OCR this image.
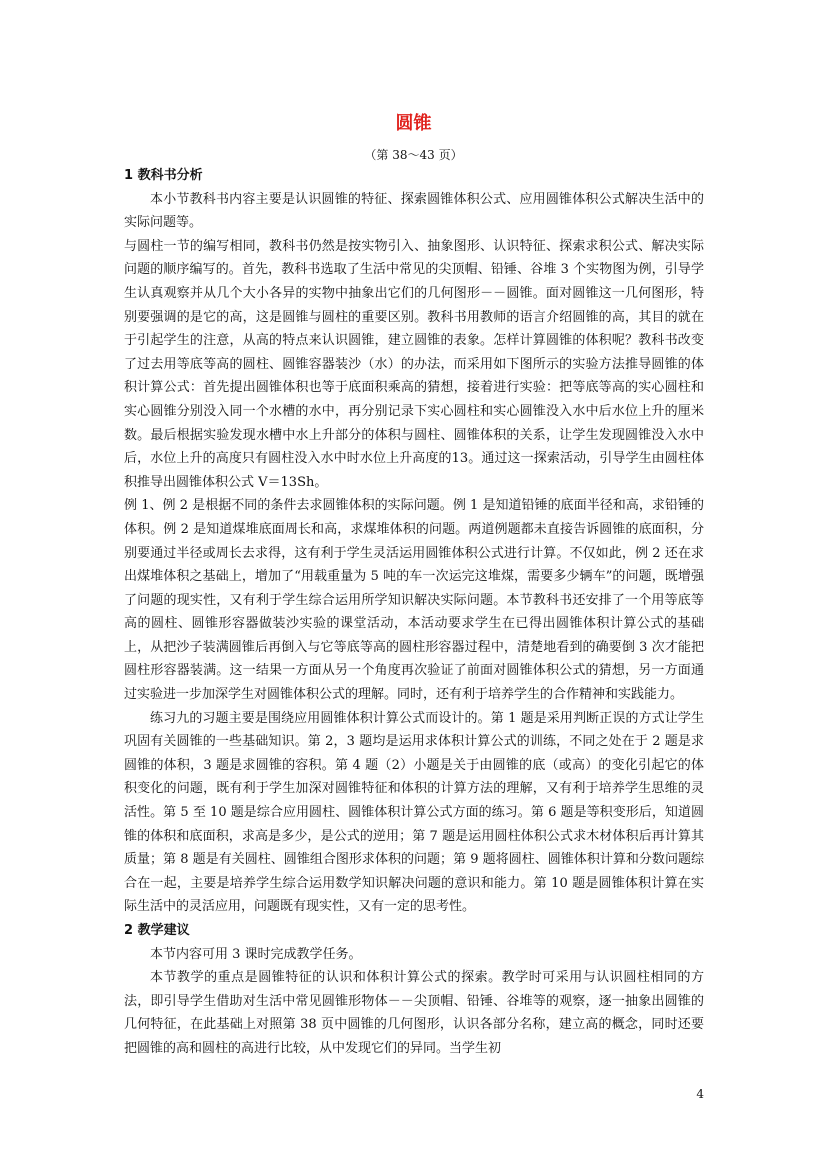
圆锥
（第 38～43 页）

1 教科书分析

本小节教科书内容主要是认识圆锥的特征、探索圆锥体积公式、应用圆锥体积公式解决生活中的实际问题等。

与圆柱一节的编写相同，教科书仍然是按实物引入、抽象图形、认识特征、探索求积公式、解决实际问题的顺序编写的。首先，教科书选取了生活中常见的尖顶帽、铅锤、谷堆 3 个实物图为例，引导学生认真观察并从几个大小各异的实物中抽象出它们的几何图形－－圆锥。面对圆锥这一几何图形，特别要强调的是它的高，这是圆锥与圆柱的重要区别。教科书用教师的语言介绍圆锥的高，其目的就在于引起学生的注意，从高的特点来认识圆锥，建立圆锥的表象。怎样计算圆锥的体积呢？教科书改变了过去用等底等高的圆柱、圆锥容器装沙（水）的办法，而采用如下图所示的实验方法推导圆锥的体积计算公式：首先提出圆锥体积也等于底面积乘高的猜想，接着进行实验：把等底等高的实心圆柱和实心圆锥分别没入同一个水槽的水中，再分别记录下实心圆柱和实心圆锥没入水中后水位上升的厘米数。最后根据实验发现水槽中水上升部分的体积与圆柱、圆锥体积的关系，让学生发现圆锥没入水中后，水位上升的高度只有圆柱没入水中时水位上升高度的13。通过这一探索活动，引导学生由圆柱体积推导出圆锥体积公式 V＝13Sh。

例 1、例 2 是根据不同的条件去求圆锥体积的实际问题。例 1 是知道铅锤的底面半径和高，求铅锤的体积。例 2 是知道煤堆底面周长和高，求煤堆体积的问题。两道例题都未直接告诉圆锥的底面积，分别要通过半径或周长去求得，这有利于学生灵活运用圆锥体积公式进行计算。不仅如此，例 2 还在求出煤堆体积之基础上，增加了“用载重量为 5 吨的车一次运完这堆煤，需要多少辆车”的问题，既增强了问题的现实性，又有利于学生综合运用所学知识解决实际问题。本节教科书还安排了一个用等底等高的圆柱、圆锥形容器做装沙实验的课堂活动，本活动要求学生在已得出圆锥体积计算公式的基础上，从把沙子装满圆锥后再倒入与它等底等高的圆柱形容器过程中，清楚地看到的确要倒 3 次才能把圆柱形容器装满。这一结果一方面从另一个角度再次验证了前面对圆锥体积公式的猜想，另一方面通过实验进一步加深学生对圆锥体积公式的理解。同时，还有利于培养学生的合作精神和实践能力。

练习九的习题主要是围绕应用圆锥体积计算公式而设计的。第 1 题是采用判断正误的方式让学生巩固有关圆锥的一些基础知识。第 2，3 题均是运用求体积计算公式的训练，不同之处在于 2 题是求圆锥的体积，3 题是求圆锥的容积。第 4 题（2）小题是关于由圆锥的底（或高）的变化引起它的体积变化的问题，既有利于学生加深对圆锥特征和体积的计算方法的理解，又有利于培养学生思维的灵活性。第 5 至 10 题是综合应用圆柱、圆锥体积计算公式方面的练习。第 6 题是等积变形后，知道圆锥的体积和底面积，求高是多少，是公式的逆用；第 7 题是运用圆柱体积公式求木材体积后再计算其质量；第 8 题是有关圆柱、圆锥组合图形求体积的问题；第 9 题将圆柱、圆锥体积计算和分数问题综合在一起，主要是培养学生综合运用数学知识解决问题的意识和能力。第 10 题是圆锥体积计算在实际生活中的灵活应用，问题既有现实性，又有一定的思考性。

2 教学建议

本节内容可用 3 课时完成教学任务。

本节教学的重点是圆锥特征的认识和体积计算公式的探索。教学时可采用与认识圆柱相同的方法，即引导学生借助对生活中常见圆锥形物体－－尖顶帽、铅锤、谷堆等的观察，逐一抽象出圆锥的几何特征，在此基础上对照第 38 页中圆锥的几何图形，认识各部分名称，建立高的概念，同时还要把圆锥的高和圆柱的高进行比较，从中发现它们的异同。当学生初

4
